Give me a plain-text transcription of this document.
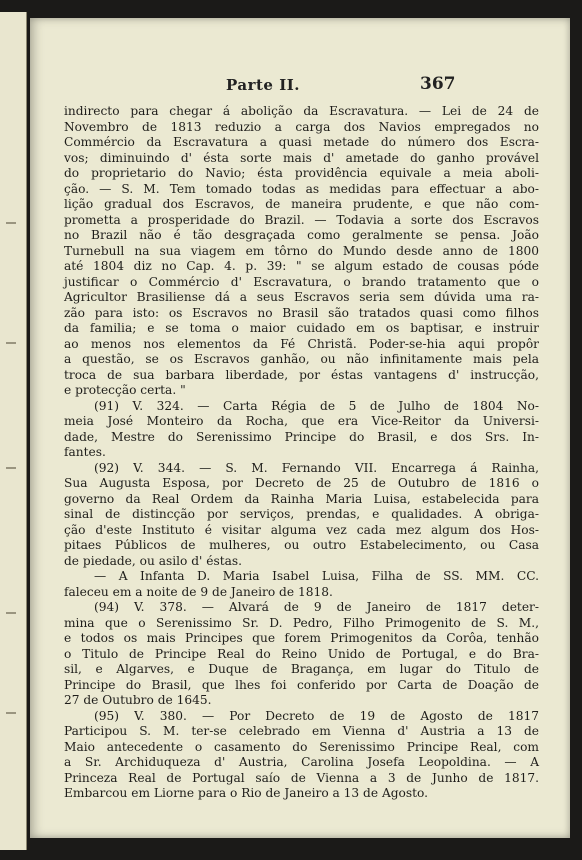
Parte II.	367
indirecto para chegar á abolição da Escravatura. — Lei de 24 de
Novembro de 1813 reduzio a carga dos Navios empregados no
Commércio da Escravatura a quasi metade do número dos Escra-
vos; diminuindo d' ésta sorte mais d' ametade do ganho provável
do proprietario do Navio; ésta providência equivale a meia aboli-
ção. — S. M. Tem tomado todas as medidas para effectuar a abo-
lição gradual dos Escravos, de maneira prudente, e que não com-
prometta a prosperidade do Brazil. — Todavia a sorte dos Escravos
no Brazil não é tão desgraçada como geralmente se pensa. João
Turnebull na sua viagem em tôrno do Mundo desde anno de 1800
até 1804 diz no Cap. 4. p. 39: " se algum estado de cousas póde
justificar o Commércio d' Escravatura, o brando tratamento que o
Agricultor Brasiliense dá a seus Escravos seria sem dúvida uma ra-
zão para isto: os Escravos no Brasil são tratados quasi como filhos
da familia; e se toma o maior cuidado em os baptisar, e instruir
ao menos nos elementos da Fé Christã. Poder-se-hia aqui propôr
a questão, se os Escravos ganhão, ou não infinitamente mais pela
troca de sua barbara liberdade, por éstas vantagens d' instrucção,
e protecção certa. "
(91) V. 324. — Carta Régia de 5 de Julho de 1804 No-
meia José Monteiro da Rocha, que era Vice-Reitor da Universi-
dade, Mestre do Serenissimo Principe do Brasil, e dos Srs. In-
fantes.
(92) V. 344. — S. M. Fernando VII. Encarrega á Rainha,
Sua Augusta Esposa, por Decreto de 25 de Outubro de 1816 o
governo da Real Ordem da Rainha Maria Luisa, estabelecida para
sinal de distincção por serviços, prendas, e qualidades. A obriga-
ção d'este Instituto é visitar alguma vez cada mez algum dos Hos-
pitaes Públicos de mulheres, ou outro Estabelecimento, ou Casa
de piedade, ou asilo d' éstas.
— A Infanta D. Maria Isabel Luisa, Filha de SS. MM. CC.
faleceu em a noite de 9 de Janeiro de 1818.
(94) V. 378. — Alvará de 9 de Janeiro de 1817 deter-
mina que o Serenissimo Sr. D. Pedro, Filho Primogenito de S. M.,
e todos os mais Principes que forem Primogenitos da Corôa, tenhão
o Titulo de Principe Real do Reino Unido de Portugal, e do Bra-
sil, e Algarves, e Duque de Bragança, em lugar do Titulo de
Principe do Brasil, que lhes foi conferido por Carta de Doação de
27 de Outubro de 1645.
(95) V. 380. — Por Decreto de 19 de Agosto de 1817
Participou S. M. ter-se celebrado em Vienna d' Austria a 13 de
Maio antecedente o casamento do Serenissimo Principe Real, com
a Sr. Archiduqueza d' Austria, Carolina Josefa Leopoldina. — A
Princeza Real de Portugal saío de Vienna a 3 de Junho de 1817.
Embarcou em Liorne para o Rio de Janeiro a 13 de Agosto.
